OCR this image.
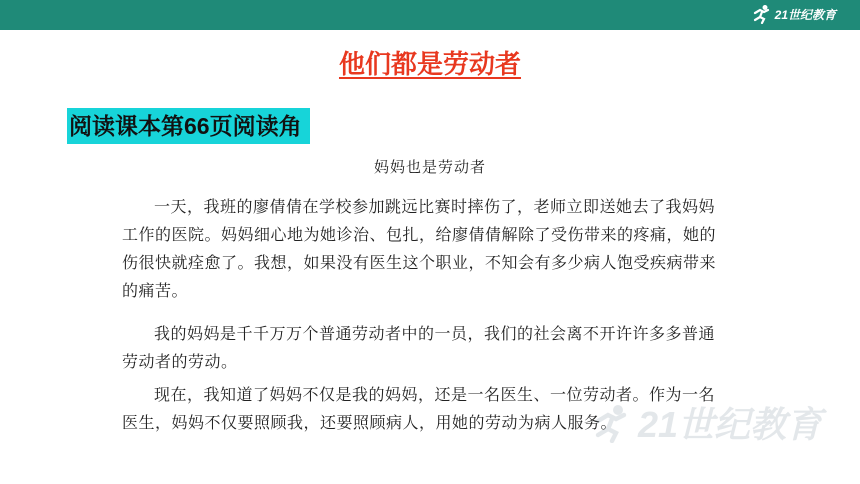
21世纪教育
他们都是劳动者
阅读课本第66页阅读角
妈妈也是劳动者
一天，我班的廖倩倩在学校参加跳远比赛时摔伤了，老师立即送她去了我妈妈工作的医院。妈妈细心地为她诊治、包扎，给廖倩倩解除了受伤带来的疼痛，她的伤很快就痊愈了。我想，如果没有医生这个职业，不知会有多少病人饱受疾病带来的痛苦。
我的妈妈是千千万万个普通劳动者中的一员，我们的社会离不开许许多多普通劳动者的劳动。
现在，我知道了妈妈不仅是我的妈妈，还是一名医生、一位劳动者。作为一名医生，妈妈不仅要照顾我，还要照顾病人，用她的劳动为病人服务。 21世纪教育
